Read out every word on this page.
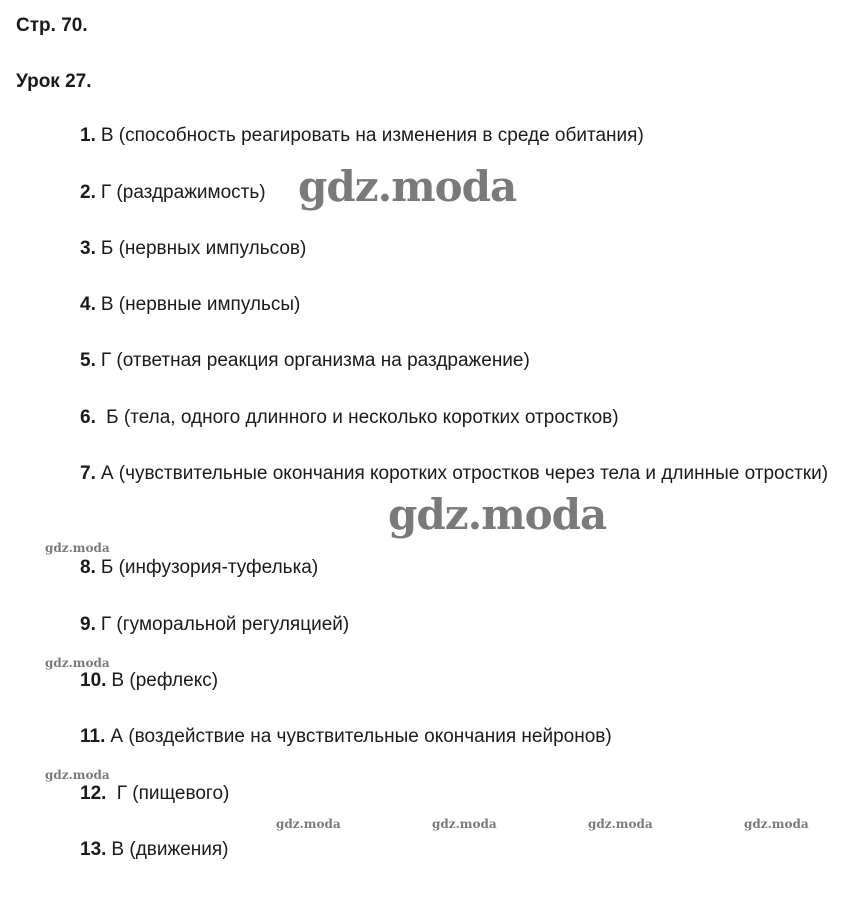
Стр. 70.
Урок 27.
1. В (способность реагировать на изменения в среде обитания)
2. Г (раздражимость)
3. Б (нервных импульсов)
4. В (нервные импульсы)
5. Г (ответная реакция организма на раздражение)
6. Б (тела, одного длинного и несколько коротких отростков)
7. А (чувствительные окончания коротких отростков через тела и длинные отростки)
8. Б (инфузория-туфелька)
9. Г (гуморальной регуляцией)
10. В (рефлекс)
11. А (воздействие на чувствительные окончания нейронов)
12. Г (пищевого)
13. В (движения)
gdz.moda
gdz.moda
gdz.moda
gdz.moda
gdz.moda
gdz.moda	gdz.moda	gdz.moda	gdz.moda
